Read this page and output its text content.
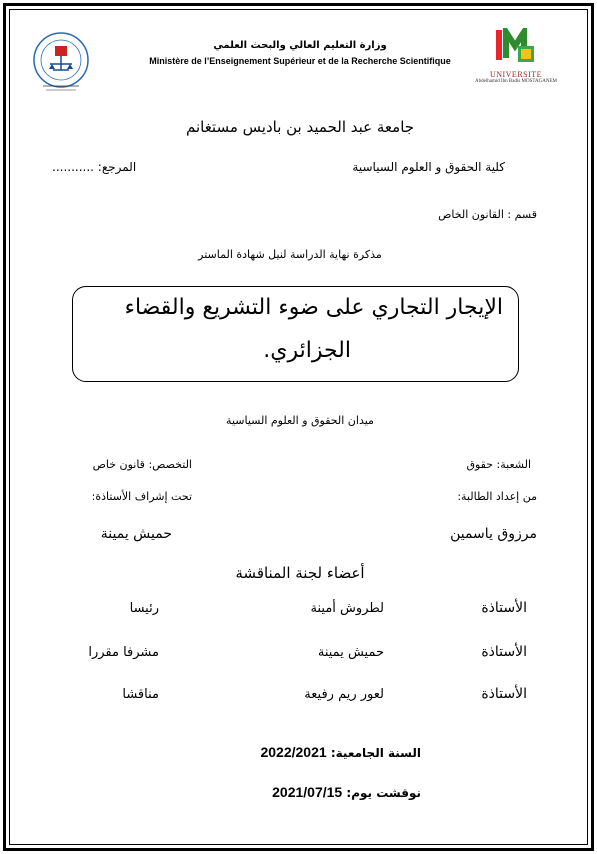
وزارة التعليم العالي والبحث العلمي
Ministère de l’Enseignement Supérieur et de la Recherche Scientifique
UNIVERSITE
Abdelhamid Ibn Badis MOSTAGANEM
جامعة عبد الحميد بن باديس مستغانم
كلية الحقوق و العلوم السياسية
المرجع: ...........
قسم : القانون الخاص
مذكرة نهاية الدراسة لنيل شهادة الماستر
الإيجار التجاري على ضوء التشريع والقضاء
الجزائري.
ميدان الحقوق و العلوم السياسية
الشعبة: حقوق
التخصص: قانون خاص
من إعداد الطالبة:
تحت إشراف الأستاذة:
مرزوق ياسمين
حميش يمينة
أعضاء لجنة المناقشة
الأستاذة
لطروش أمينة
رئيسا
الأستاذة
حميش يمينة
مشرفا مقررا
الأستاذة
لعور ريم رفيعة
مناقشا
السنة الجامعية: 2022/2021
نوقشت يوم: 2021/07/15
